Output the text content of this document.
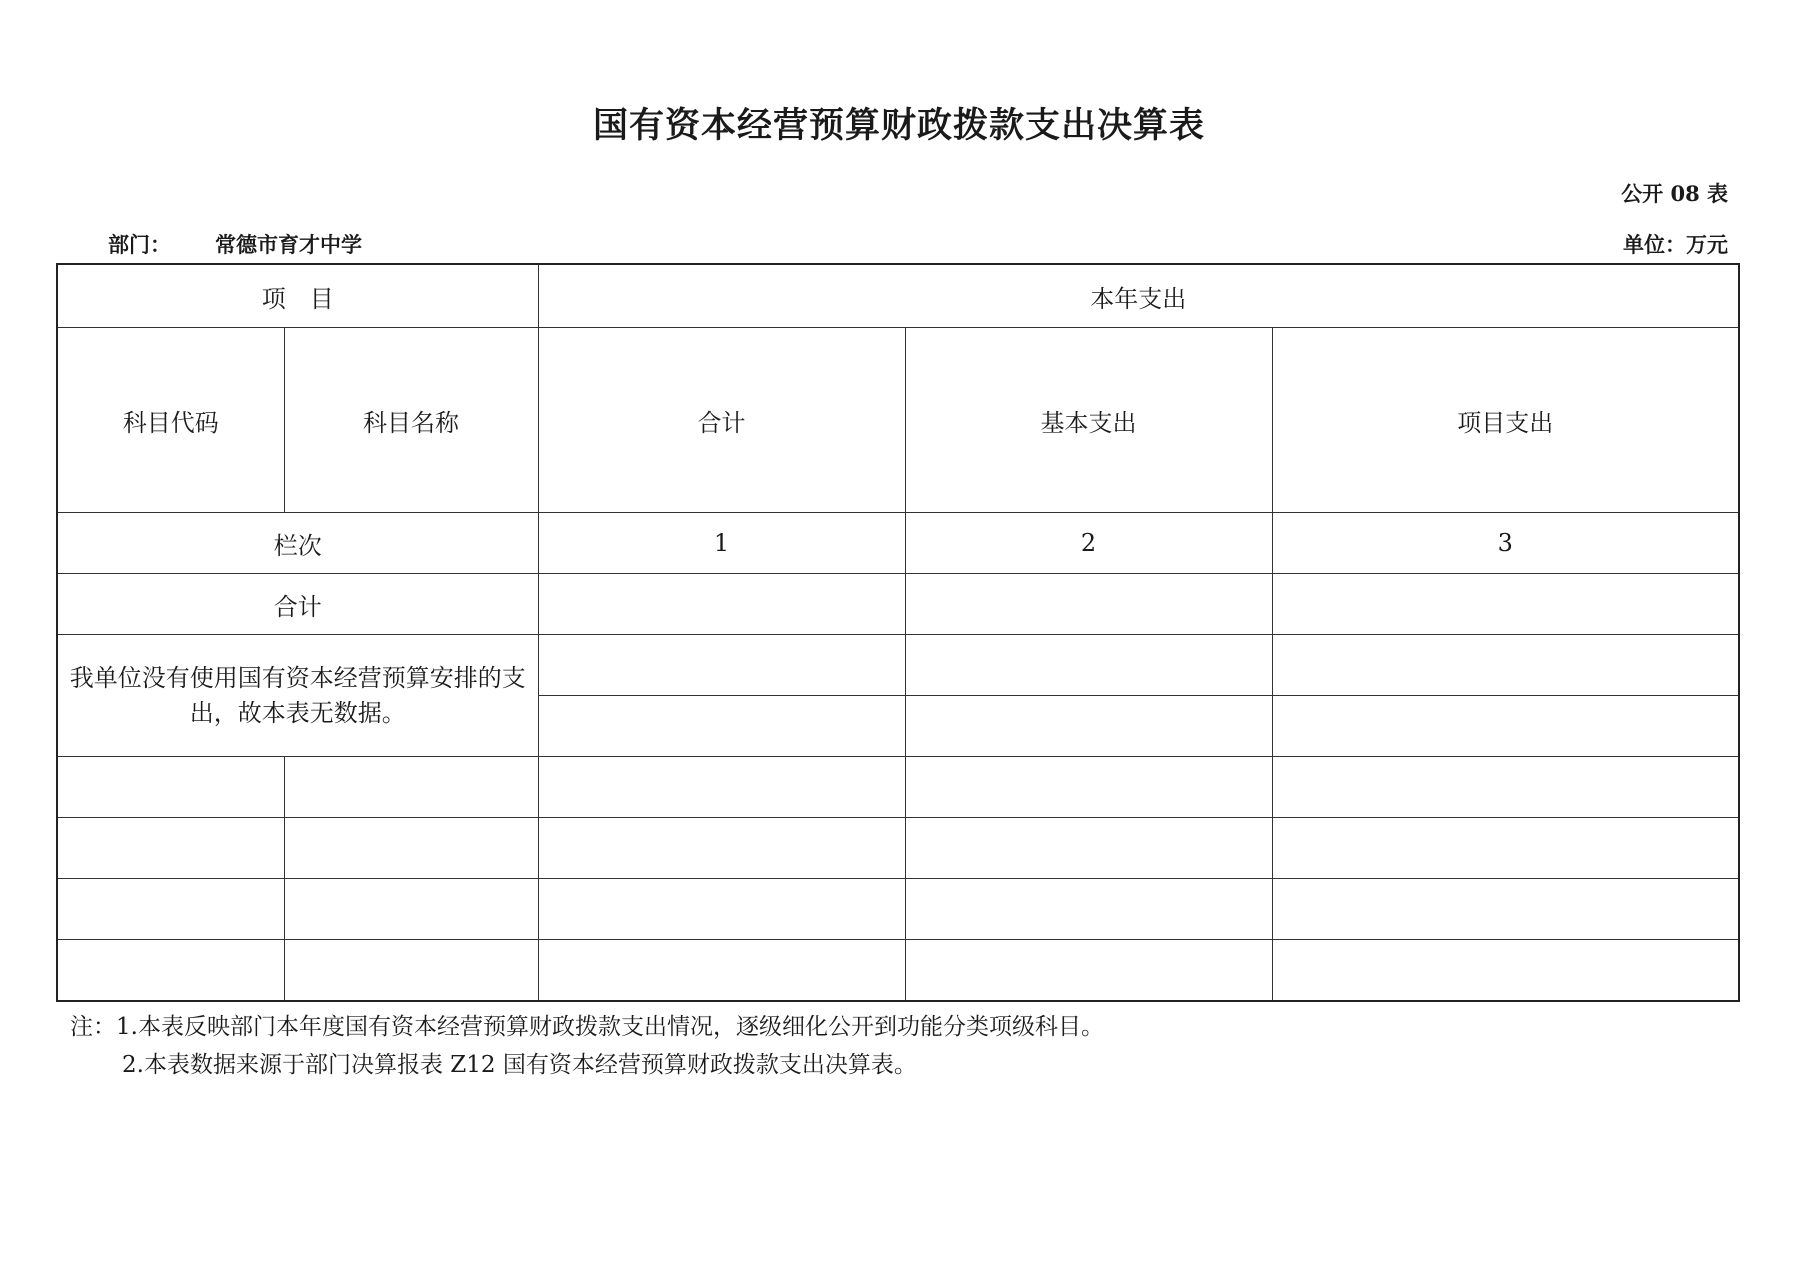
国有资本经营预算财政拨款支出决算表
公开 08 表
部门： 常德市育才中学	单位：万元
项　目		本年支出		
科目代码	科目名称	合计	基本支出	项目支出
栏次		1	2	3
合计				
我单位没有使用国有资本经营预算安排的支出，故本表无数据。				

注：1.本表反映部门本年度国有资本经营预算财政拨款支出情况，逐级细化公开到功能分类项级科目。
2.本表数据来源于部门决算报表 Z12 国有资本经营预算财政拨款支出决算表。
